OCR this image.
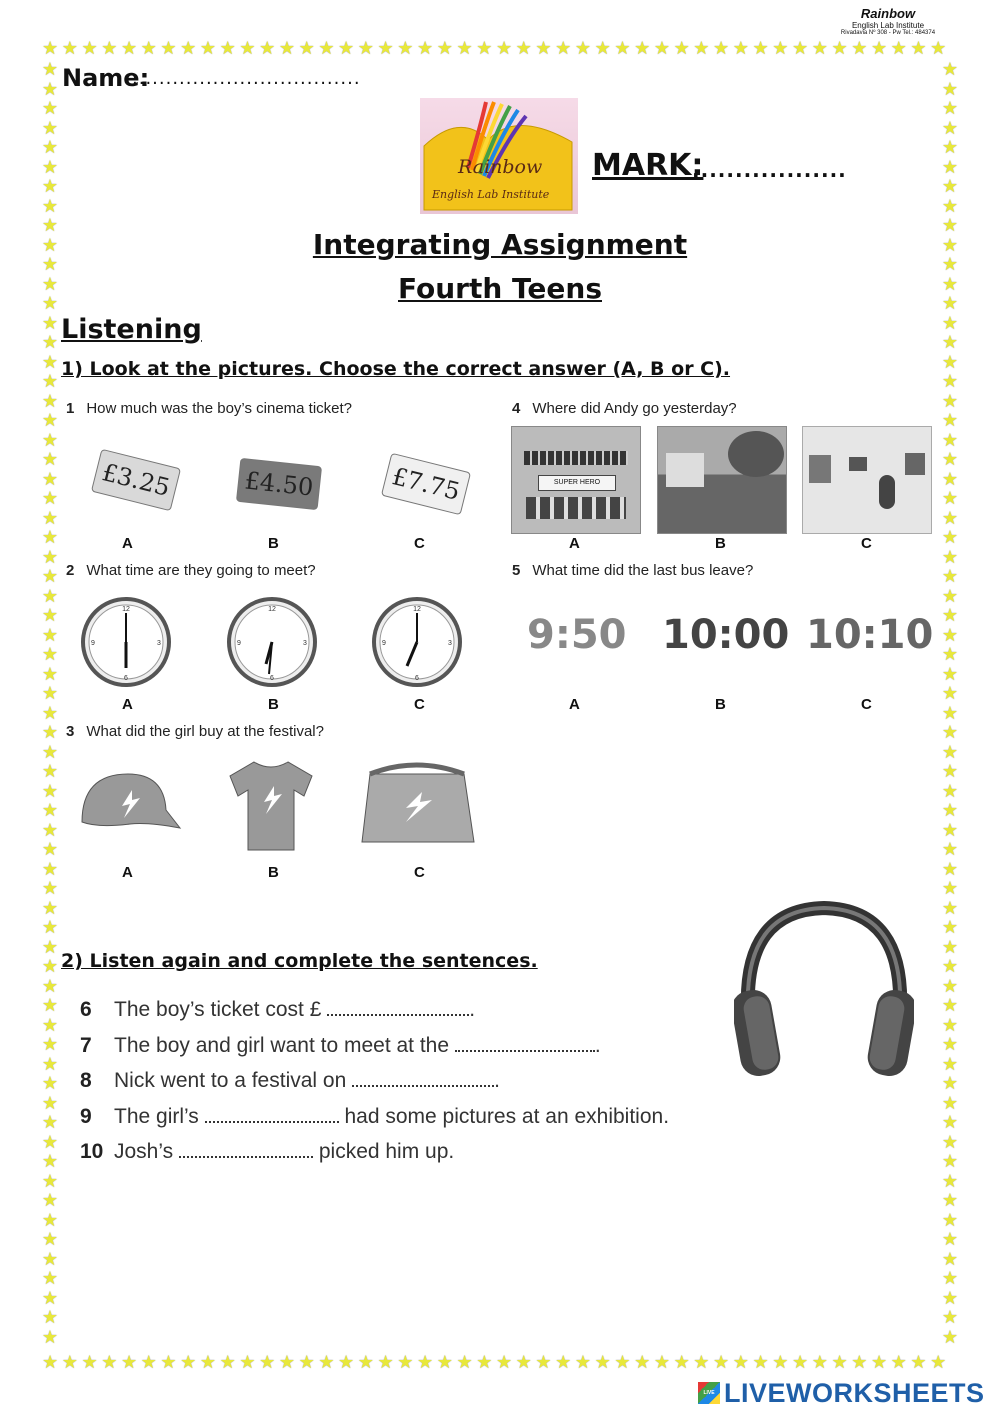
Rainbow
English Lab Institute
Rivadavia Nº 308 - Pw Tel.: 484374
★★★★★★★★★★★★★★★★★★★★★★★★★★★★★★★★★★★★★★★★★★★★★★
★★★★★★★★★★★★★★★★★★★★★★★★★★★★★★★★★★★★★★★★★★★★★★
★
★
★
★
★
★
★
★
★
★
★
★
★
★
★
★
★
★
★
★
★
★
★
★
★
★
★
★
★
★
★
★
★
★
★
★
★
★
★
★
★
★
★
★
★
★
★
★
★
★
★
★
★
★
★
★
★
★
★
★
★
★
★
★
★
★
★
★
★
★
★
★
★
★
★
★
★
★
★
★
★
★
★
★
★
★
★
★
★
★
★
★
★
★
★
★
★
★
★
★
★
★
★
★
★
★
★
★
★
★
★
★
★
★
★
★
★
★
★
★
★
★
★
★
★
★
★
★
★
★
★
★
Name:
..................................
Rainbow
English Lab Institute
MARK:
..................
Integrating Assignment
Fourth Teens
Listening
1) Look at the pictures. Choose the correct answer (A, B or C).
1 How much was the boy’s cinema ticket?
£3.25	£4.50	£7.75
A	B	C
4 Where did Andy go yesterday?
SUPER HERO
A	B	C
2 What time are they going to meet?
12
3
6
9
12
3
6
9
12
3
6
9
A	B	C
5 What time did the last bus leave?
9:50 10:00 10:10
A	B	C
3 What did the girl buy at the festival?
A	B	C
2) Listen again and complete the sentences.
6 The boy’s ticket cost £	.
7 The boy and girl want to meet at the	.
8 Nick went to a festival on	.
9 The girl’s	had some pictures at an exhibition.
10 Josh’s	picked him up.
LIVE LIVEWORKSHEETS
